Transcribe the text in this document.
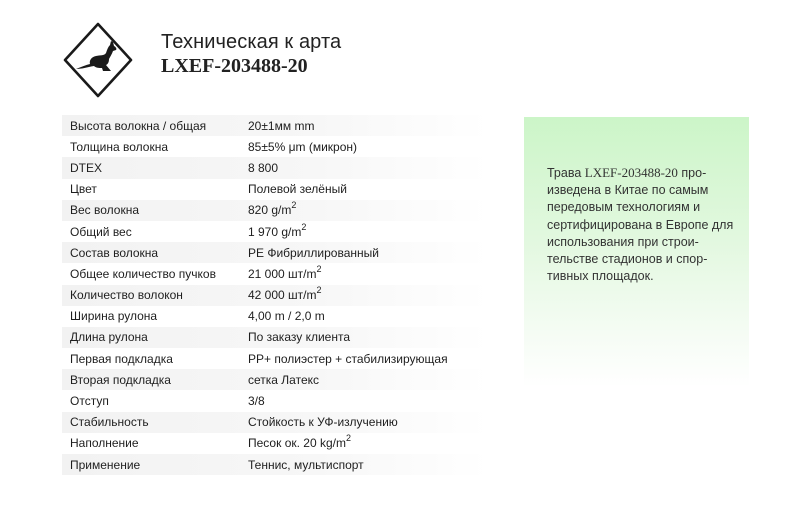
Техническая к арта
LXEF-203488-20
Высота волокна / общая	20±1мм mm
Толщина волокна	85±5% μm (микрон)
DTEX	8 800
Цвет	Полевой зелёный
Вес волокна	820 $g/m^2$
Общий вес	1 970 $g/m^2$
Состав волокна	PE Фибриллированный
Общее количество пучков	21 000 $шт/m^2$
Количество волокон	42 000 $шт/m^2$
Ширина рулона	4,00 m / 2,0 m
Длина рулона	По заказу клиента
Первая подкладка	PP+ полиэстер + стабилизирующая
Вторая подкладка	сетка Латекс
Отступ	3/8
Стабильность	Стойкость к УФ-излучению
Наполнение	Песок ок. 20 $kg/m^2$
Применение	Теннис, мультиспорт

Трава LXEF-203488-20 про-изведена в Китае по самым передовым технологиям и сертифицирована в Европе для использования при строи-тельстве стадионов и спор-тивных площадок.
